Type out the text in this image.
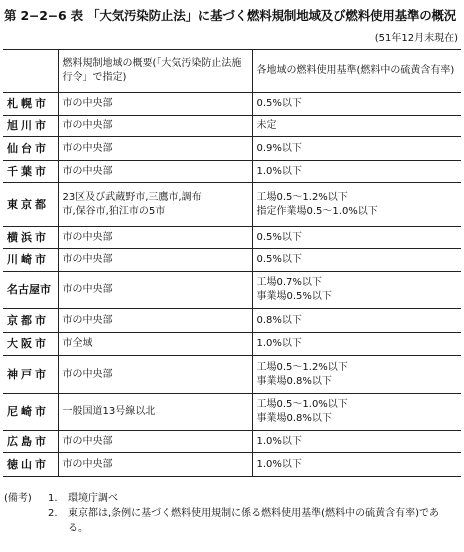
第 2−2−6 表 「大気汚染防止法」に基づく燃料規制地域及び燃料使用基準の概況
(51年12月末現在)
	燃料規制地域の概要(「大気汚染防止法施行令」で指定)	各地域の燃料使用基準(燃料中の硫黄含有率)
札幌市	市の中央部	0.5%以下

旭川市	市の中央部	未定

仙台市	市の中央部	0.9%以下

千葉市	市の中央部	1.0%以下

東京都	23区及び武蔵野市,三鷹市,調布
市,保谷市,狛江市の5市	工場0.5〜1.2%以下
指定作業場0.5〜1.0%以下

横浜市	市の中央部	0.5%以下

川崎市	市の中央部	0.5%以下

名古屋市	市の中央部	工場0.7%以下
事業場0.5%以下

京都市	市の中央部	0.8%以下

大阪市	市全域	1.0%以下

神戸市	市の中央部	工場0.5〜1.2%以下
事業場0.8%以下

尼崎市	一般国道13号線以北	工場0.5〜1.0%以下
事業場0.8%以下

広島市	市の中央部	1.0%以下

徳山市	市の中央部	1.0%以下
(備考)	1.	環境庁調べ
2.	東京都は,条例に基づく燃料使用規制に係る燃料使用基準(燃料中の硫黄含有率)である。
